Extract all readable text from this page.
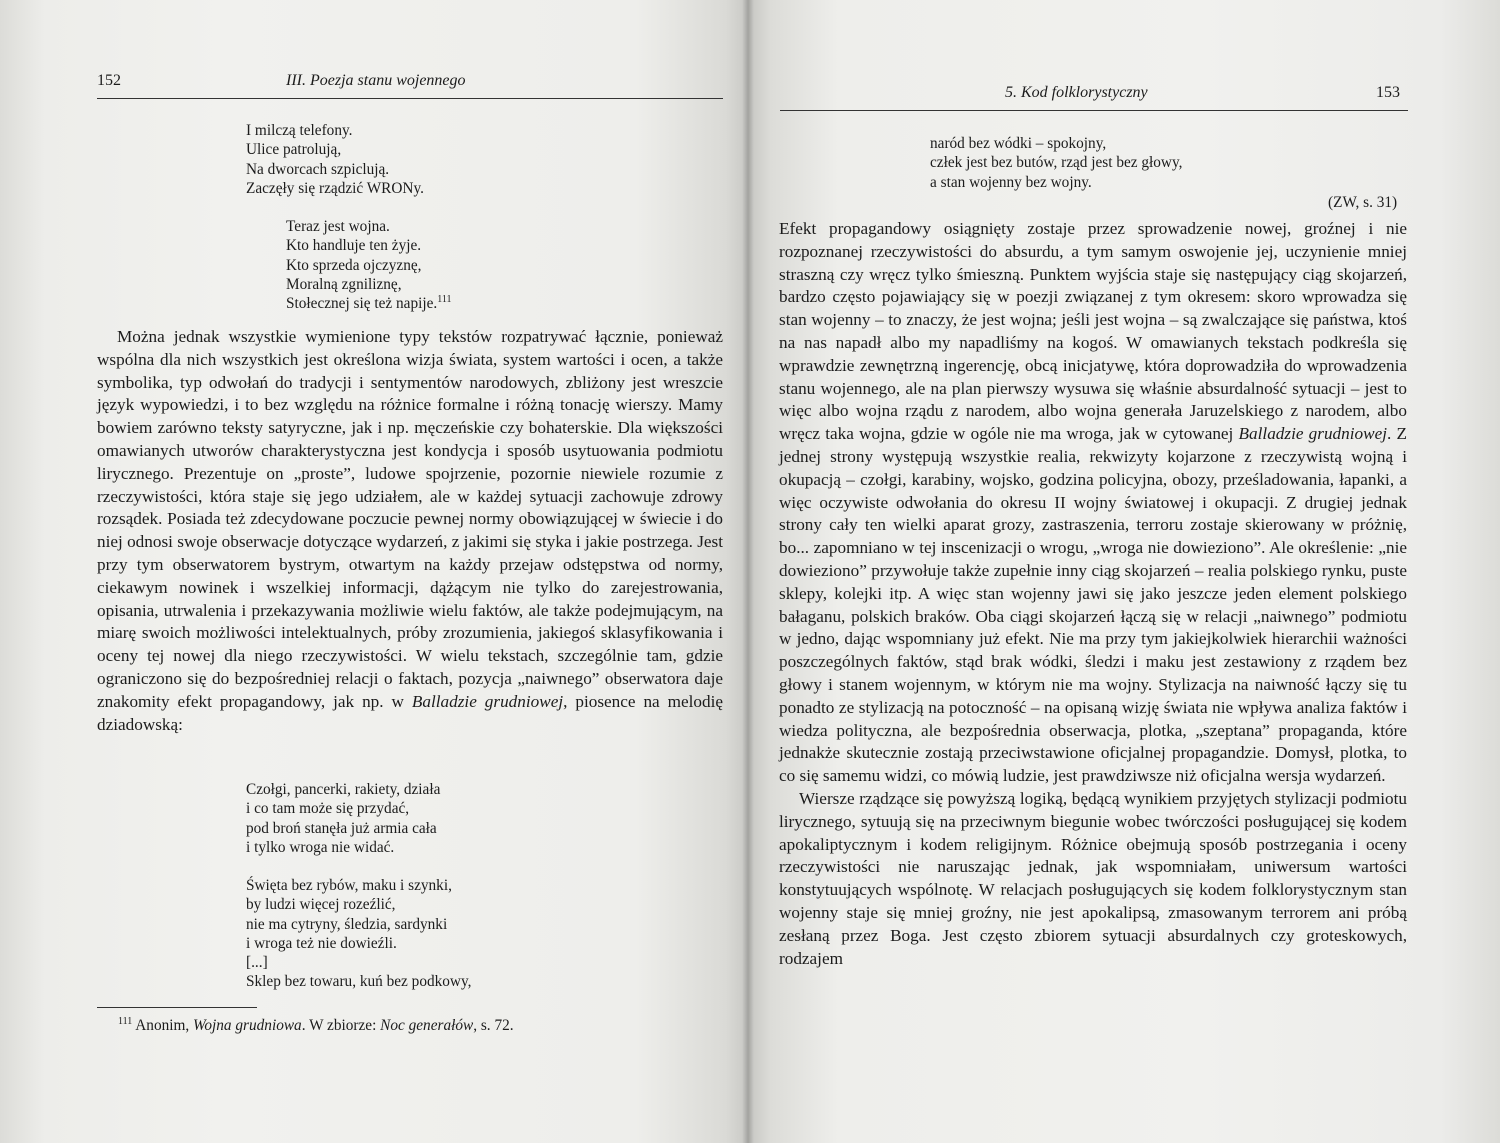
152	III. Poezja stanu wojennego
I milczą telefony.
Ulice patrolują,
Na dworcach szpiclują.
Zaczęły się rządzić WRONy.
Teraz jest wojna.
Kto handluje ten żyje.
Kto sprzeda ojczyznę,
Moralną zgniliznę,
Stołecznej się też napije.$^{111}$

Można jednak wszystkie wymienione typy tekstów rozpatrywać łącznie, ponieważ wspólna dla nich wszystkich jest określona wizja świata, system wartości i ocen, a także symbolika, typ odwołań do tradycji i sentymentów narodowych, zbliżony jest wreszcie język wypowiedzi, i to bez względu na różnice formalne i różną tonację wierszy. Mamy bowiem zarówno teksty satyryczne, jak i np. męczeńskie czy bohaterskie. Dla większości omawianych utworów charakterystyczna jest kondycja i sposób usytuowania podmiotu lirycznego. Prezentuje on „proste”, ludowe spojrzenie, pozornie niewiele rozumie z rzeczywistości, która staje się jego udziałem, ale w każdej sytuacji zachowuje zdrowy rozsądek. Posiada też zdecydowane poczucie pewnej normy obowiązującej w świecie i do niej odnosi swoje obserwacje dotyczące wydarzeń, z jakimi się styka i jakie postrzega. Jest przy tym obserwatorem bystrym, otwartym na każdy przejaw odstępstwa od normy, ciekawym nowinek i wszelkiej informacji, dążącym nie tylko do zarejestrowania, opisania, utrwalenia i przekazywania możliwie wielu faktów, ale także podejmującym, na miarę swoich możliwości intelektualnych, próby zrozumienia, jakiegoś sklasyfikowania i oceny tej nowej dla niego rzeczywistości. W wielu tekstach, szczególnie tam, gdzie ograniczono się do bezpośredniej relacji o faktach, pozycja „naiwnego” obserwatora daje znakomity efekt propagandowy, jak np. w Balladzie grudniowej, piosence na melodię dziadowską:

Czołgi, pancerki, rakiety, działa
i co tam może się przydać,
pod broń stanęła już armia cała
i tylko wroga nie widać.
Święta bez rybów, maku i szynki,
by ludzi więcej rozeźlić,
nie ma cytryny, śledzia, sardynki
i wroga też nie dowieźli.
[...]
Sklep bez towaru, kuń bez podkowy,
$^{111}$ Anonim, Wojna grudniowa. W zbiorze: Noc generałów, s. 72.
5. Kod folklorystyczny	153
naród bez wódki – spokojny,
człek jest bez butów, rząd jest bez głowy,
a stan wojenny bez wojny.
(ZW, s. 31)

Efekt propagandowy osiągnięty zostaje przez sprowadzenie nowej, groźnej i nie rozpoznanej rzeczywistości do absurdu, a tym samym oswojenie jej, uczynienie mniej straszną czy wręcz tylko śmieszną. Punktem wyjścia staje się następujący ciąg skojarzeń, bardzo często pojawiający się w poezji związanej z tym okresem: skoro wprowadza się stan wojenny – to znaczy, że jest wojna; jeśli jest wojna – są zwalczające się państwa, ktoś na nas napadł albo my napadliśmy na kogoś. W omawianych tekstach podkreśla się wprawdzie zewnętrzną ingerencję, obcą inicjatywę, która doprowadziła do wprowadzenia stanu wojennego, ale na plan pierwszy wysuwa się właśnie absurdalność sytuacji – jest to więc albo wojna rządu z narodem, albo wojna generała Jaruzelskiego z narodem, albo wręcz taka wojna, gdzie w ogóle nie ma wroga, jak w cytowanej Balladzie grudniowej. Z jednej strony występują wszystkie realia, rekwizyty kojarzone z rzeczywistą wojną i okupacją – czołgi, karabiny, wojsko, godzina policyjna, obozy, prześladowania, łapanki, a więc oczywiste odwołania do okresu II wojny światowej i okupacji. Z drugiej jednak strony cały ten wielki aparat grozy, zastraszenia, terroru zostaje skierowany w próżnię, bo... zapomniano w tej inscenizacji o wrogu, „wroga nie dowieziono”. Ale określenie: „nie dowieziono” przywołuje także zupełnie inny ciąg skojarzeń – realia polskiego rynku, puste sklepy, kolejki itp. A więc stan wojenny jawi się jako jeszcze jeden element polskiego bałaganu, polskich braków. Oba ciągi skojarzeń łączą się w relacji „naiwnego” podmiotu w jedno, dając wspomniany już efekt. Nie ma przy tym jakiejkolwiek hierarchii ważności poszczególnych faktów, stąd brak wódki, śledzi i maku jest zestawiony z rządem bez głowy i stanem wojennym, w którym nie ma wojny. Stylizacja na naiwność łączy się tu ponadto ze stylizacją na potoczność – na opisaną wizję świata nie wpływa analiza faktów i wiedza polityczna, ale bezpośrednia obserwacja, plotka, „szeptana” propaganda, które jednakże skutecznie zostają przeciwstawione oficjalnej propagandzie. Domysł, plotka, to co się samemu widzi, co mówią ludzie, jest prawdziwsze niż oficjalna wersja wydarzeń.

Wiersze rządzące się powyższą logiką, będącą wynikiem przyjętych stylizacji podmiotu lirycznego, sytuują się na przeciwnym biegunie wobec twórczości posługującej się kodem apokaliptycznym i kodem religijnym. Różnice obejmują sposób postrzegania i oceny rzeczywistości nie naruszając jednak, jak wspomniałam, uniwersum wartości konstytuujących wspólnotę. W relacjach posługujących się kodem folklorystycznym stan wojenny staje się mniej groźny, nie jest apokalipsą, zmasowanym terrorem ani próbą zesłaną przez Boga. Jest często zbiorem sytuacji absurdalnych czy groteskowych, rodzajem
